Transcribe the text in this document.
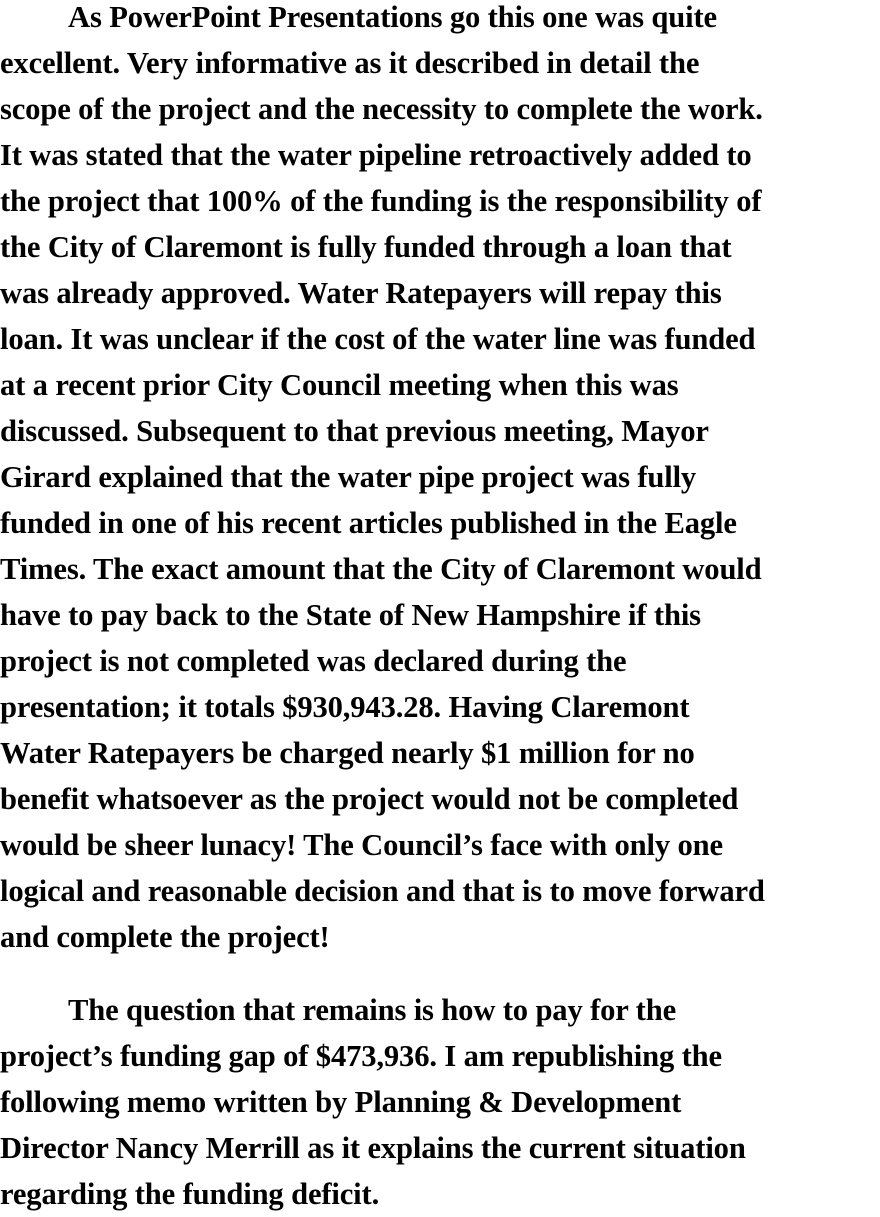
As PowerPoint Presentations go this one was quite
excellent. Very informative as it described in detail the
scope of the project and the necessity to complete the work.
It was stated that the water pipeline retroactively added to
the project that 100% of the funding is the responsibility of
the City of Claremont is fully funded through a loan that
was already approved. Water Ratepayers will repay this
loan. It was unclear if the cost of the water line was funded
at a recent prior City Council meeting when this was
discussed. Subsequent to that previous meeting, Mayor
Girard explained that the water pipe project was fully
funded in one of his recent articles published in the Eagle
Times. The exact amount that the City of Claremont would
have to pay back to the State of New Hampshire if this
project is not completed was declared during the
presentation; it totals $930,943.28. Having Claremont
Water Ratepayers be charged nearly $1 million for no
benefit whatsoever as the project would not be completed
would be sheer lunacy! The Council’s face with only one
logical and reasonable decision and that is to move forward
and complete the project!
The question that remains is how to pay for the
project’s funding gap of $473,936. I am republishing the
following memo written by Planning & Development
Director Nancy Merrill as it explains the current situation
regarding the funding deficit.
